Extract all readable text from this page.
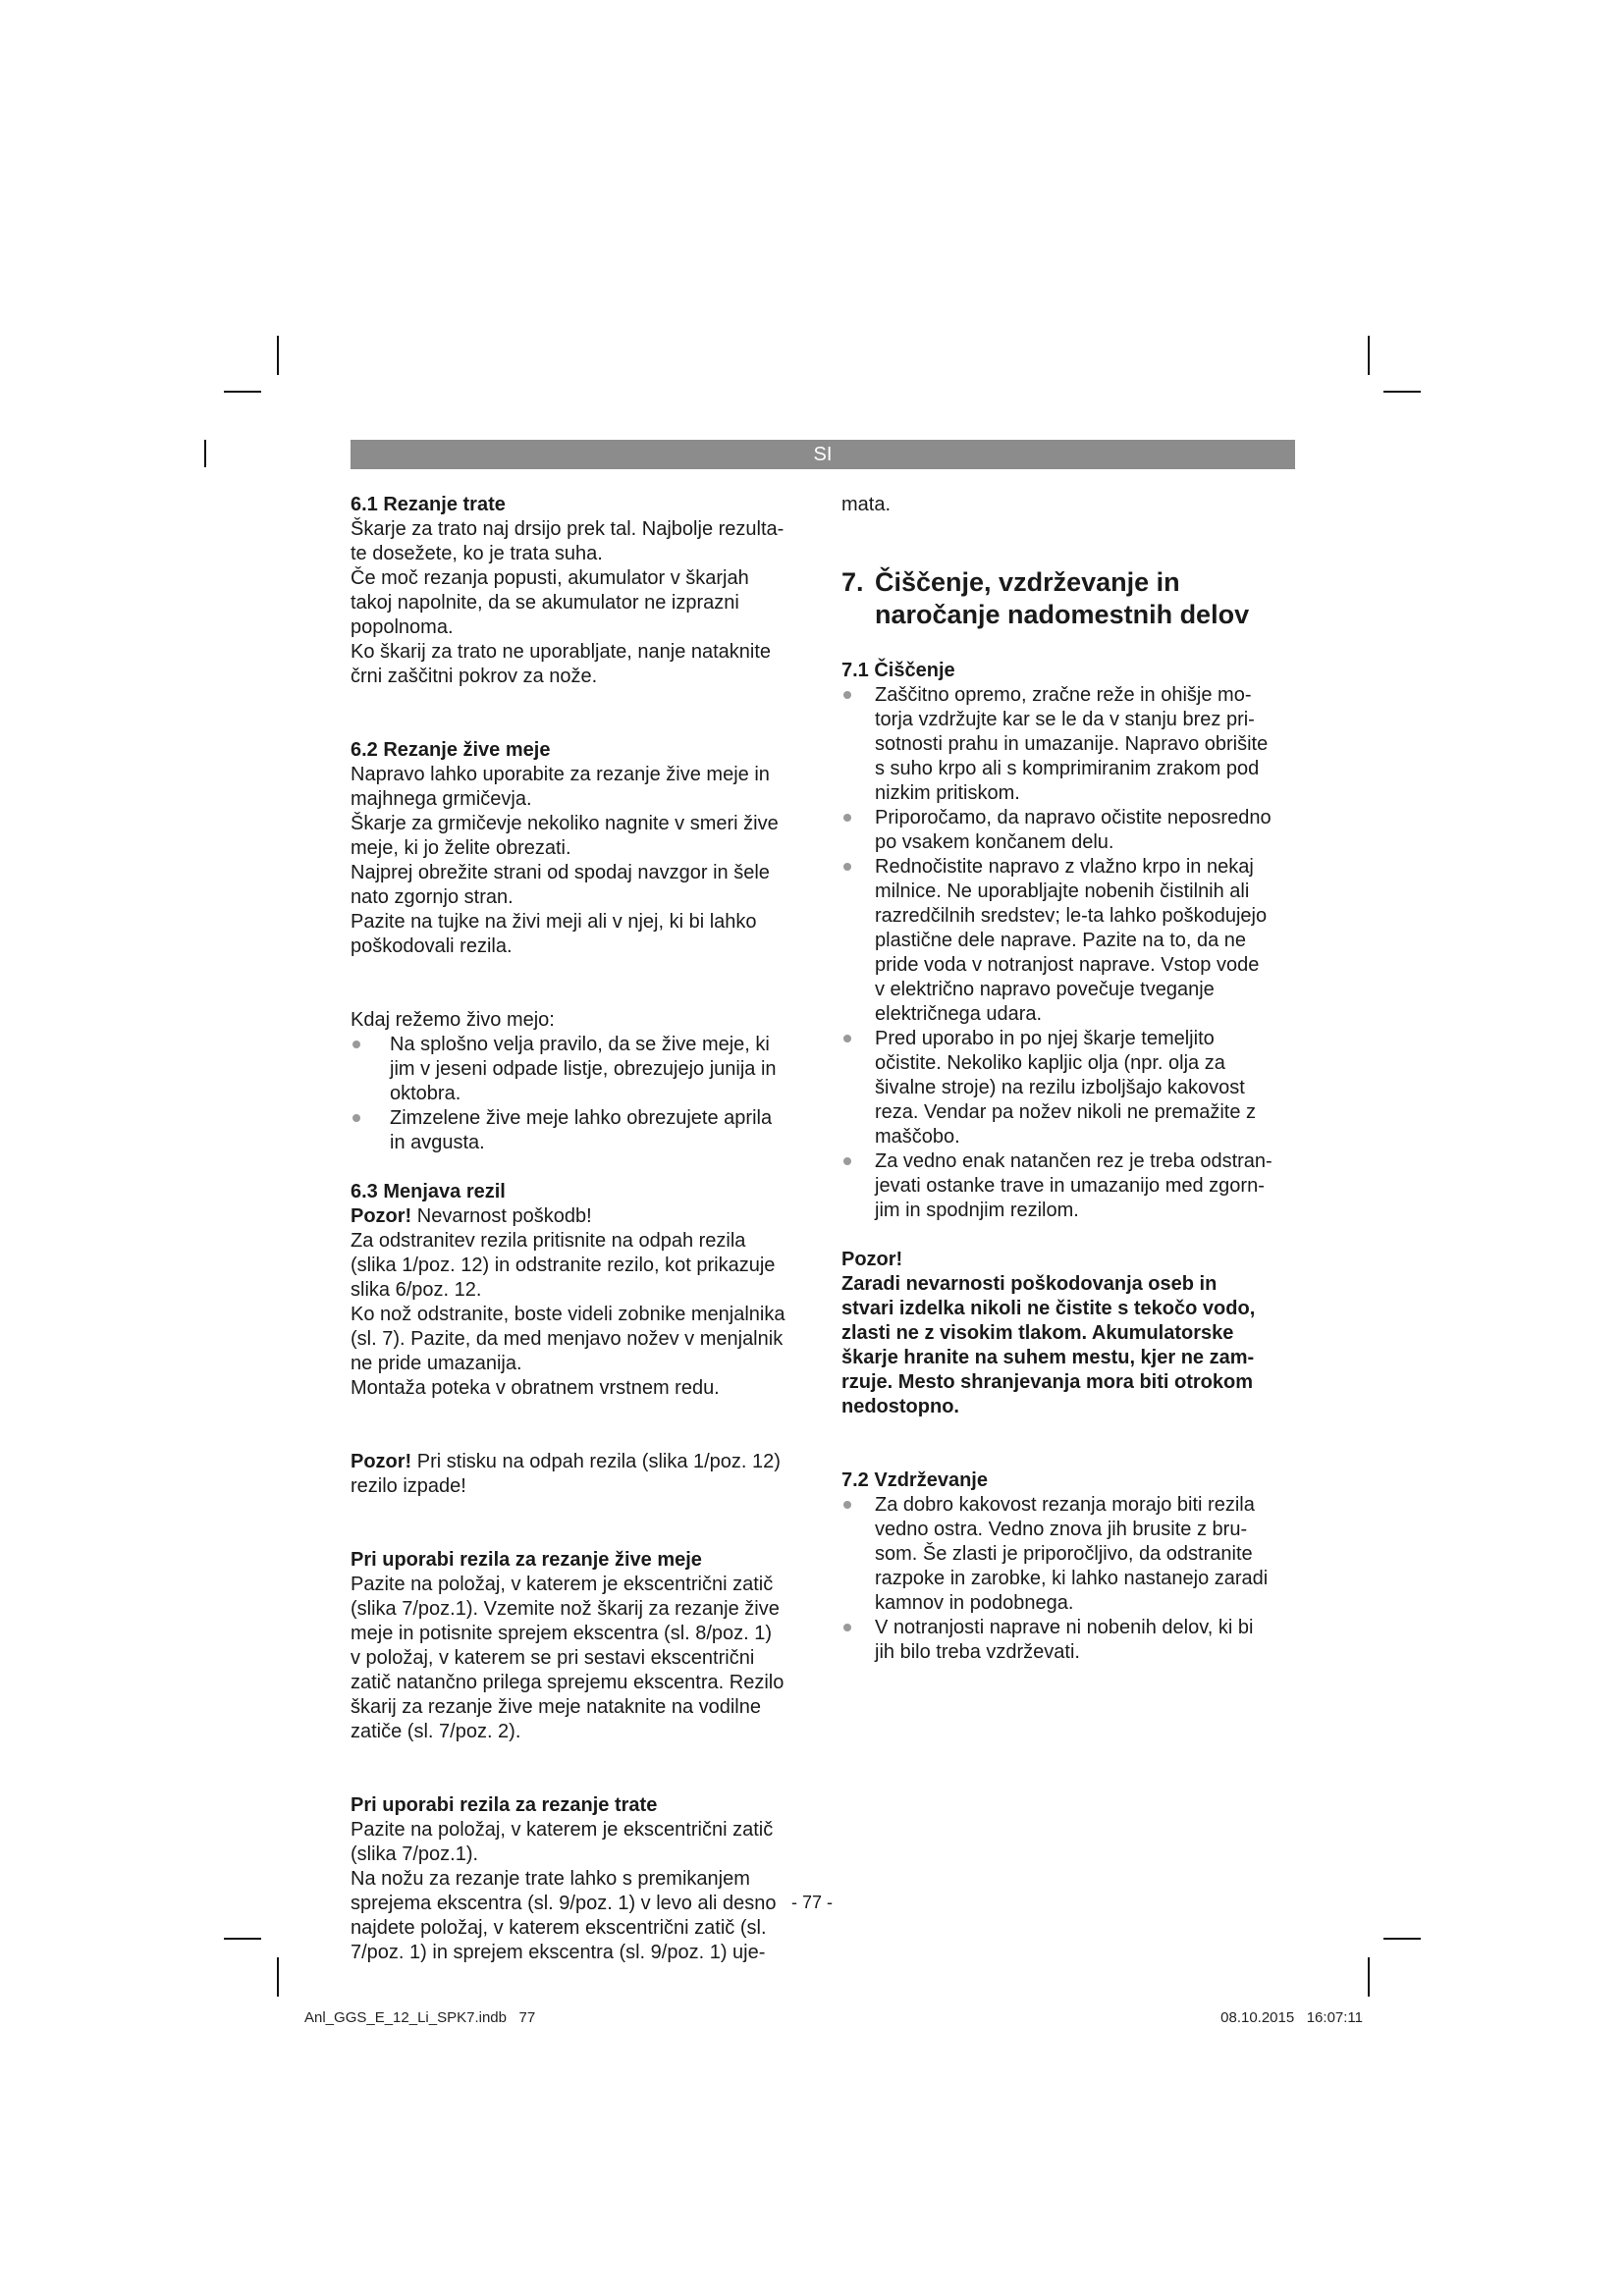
SI
6.1 Rezanje trate

Škarje za trato naj drsijo prek tal. Najbolje rezulta-

te dosežete, ko je trata suha.

Če moč rezanja popusti, akumulator v škarjah

takoj napolnite, da se akumulator ne izprazni

popolnoma.

Ko škarij za trato ne uporabljate, nanje nataknite

črni zaščitni pokrov za nože.

6.2 Rezanje žive meje

Napravo lahko uporabite za rezanje žive meje in

majhnega grmičevja.

Škarje za grmičevje nekoliko nagnite v smeri žive

meje, ki jo želite obrezati.

Najprej obrežite strani od spodaj navzgor in šele

nato zgornjo stran.

Pazite na tujke na živi meji ali v njej, ki bi lahko

poškodovali rezila.

Kdaj režemo živo mejo:

Na splošno velja pravilo, da se žive meje, ki

jim v jeseni odpade listje, obrezujejo junija in

oktobra.

Zimzelene žive meje lahko obrezujete aprila

in avgusta.

6.3 Menjava rezil

Pozor! Nevarnost poškodb!

Za odstranitev rezila pritisnite na odpah rezila

(slika 1/poz. 12) in odstranite rezilo, kot prikazuje

slika 6/poz. 12.

Ko nož odstranite, boste videli zobnike menjalnika

(sl. 7). Pazite, da med menjavo nožev v menjalnik

ne pride umazanija.

Montaža poteka v obratnem vrstnem redu.

Pozor! Pri stisku na odpah rezila (slika 1/poz. 12)

rezilo izpade!

Pri uporabi rezila za rezanje žive meje

Pazite na položaj, v katerem je ekscentrični zatič

(slika 7/poz.1). Vzemite nož škarij za rezanje žive

meje in potisnite sprejem ekscentra (sl. 8/poz. 1)

v položaj, v katerem se pri sestavi ekscentrični

zatič natančno prilega sprejemu ekscentra. Rezilo

škarij za rezanje žive meje nataknite na vodilne

zatiče (sl. 7/poz. 2).

Pri uporabi rezila za rezanje trate

Pazite na položaj, v katerem je ekscentrični zatič

(slika 7/poz.1).

Na nožu za rezanje trate lahko s premikanjem

sprejema ekscentra (sl. 9/poz. 1) v levo ali desno

najdete položaj, v katerem ekscentrični zatič (sl.

7/poz. 1) in sprejem ekscentra (sl. 9/poz. 1) uje-

mata.

7. Čiščenje, vzdrževanje in
naročanje nadomestnih delov
7.1 Čiščenje

Zaščitno opremo, zračne reže in ohišje mo-

torja vzdržujte kar se le da v stanju brez pri-

sotnosti prahu in umazanije. Napravo obrišite

s suho krpo ali s komprimiranim zrakom pod

nizkim pritiskom.

Priporočamo, da napravo očistite neposredno

po vsakem končanem delu.

Rednočistite napravo z vlažno krpo in nekaj

milnice. Ne uporabljajte nobenih čistilnih ali

razredčilnih sredstev; le-ta lahko poškodujejo

plastične dele naprave. Pazite na to, da ne

pride voda v notranjost naprave. Vstop vode

v električno napravo povečuje tveganje

električnega udara.

Pred uporabo in po njej škarje temeljito

očistite. Nekoliko kapljic olja (npr. olja za

šivalne stroje) na rezilu izboljšajo kakovost

reza. Vendar pa nožev nikoli ne premažite z

maščobo.

Za vedno enak natančen rez je treba odstran-

jevati ostanke trave in umazanijo med zgorn-

jim in spodnjim rezilom.

Pozor!

Zaradi nevarnosti poškodovanja oseb in

stvari izdelka nikoli ne čistite s tekočo vodo,

zlasti ne z visokim tlakom. Akumulatorske

škarje hranite na suhem mestu, kjer ne zam-

rzuje. Mesto shranjevanja mora biti otrokom

nedostopno.

7.2 Vzdrževanje

Za dobro kakovost rezanja morajo biti rezila

vedno ostra. Vedno znova jih brusite z bru-

som. Še zlasti je priporočljivo, da odstranite

razpoke in zarobke, ki lahko nastanejo zaradi

kamnov in podobnega.

V notranjosti naprave ni nobenih delov, ki bi

jih bilo treba vzdrževati.

- 77 -
Anl_GGS_E_12_Li_SPK7.indb   77	08.10.2015   16:07:11
